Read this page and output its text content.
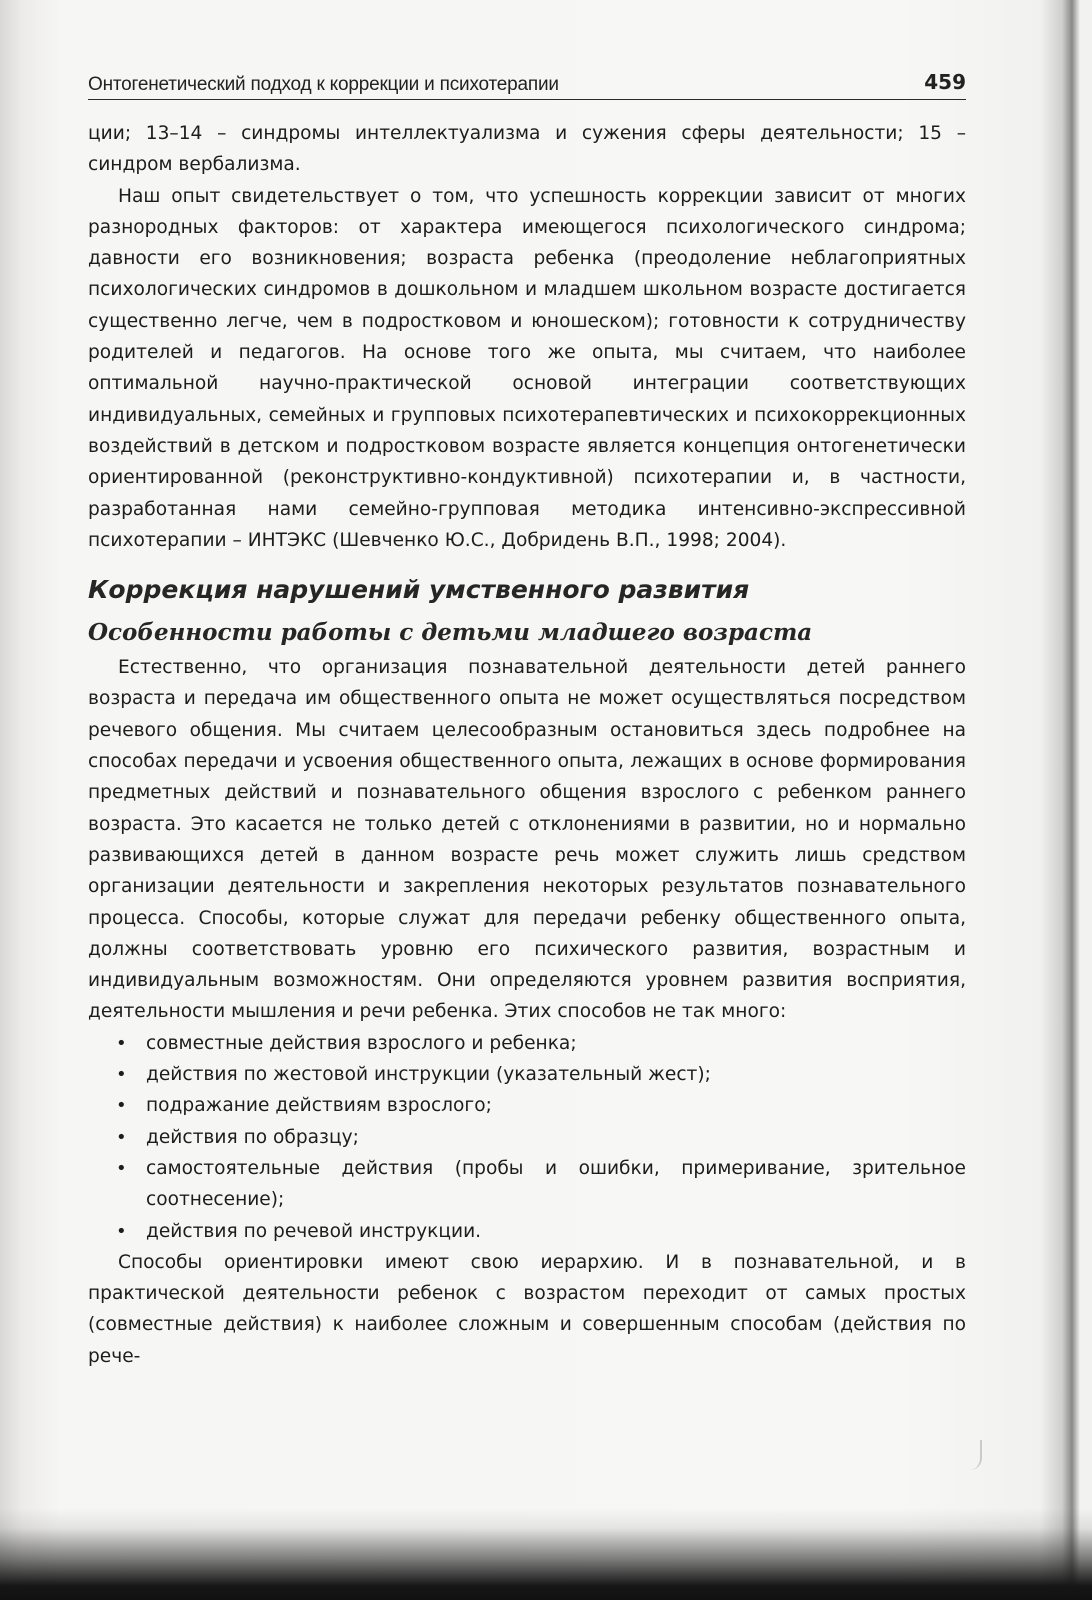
Онтогенетический подход к коррекции и психотерапии	459

ции; 13–14 – синдромы интеллектуализма и сужения сферы деятельности; 15 – синдром вербализма.

Наш опыт свидетельствует о том, что успешность коррекции зависит от многих разнородных факторов: от характера имеющегося психологического синдрома; давности его возникновения; возраста ребенка (преодоление неблагоприятных психологических синдромов в дошкольном и младшем школьном возрасте достигается существенно легче, чем в подростковом и юношеском); готовности к сотрудничеству родителей и педагогов. На основе того же опыта, мы считаем, что наиболее оптимальной научно-практической основой интеграции соответствующих индивидуальных, семейных и групповых психотерапевтических и психокоррекционных воздействий в детском и подростковом возрасте является концепция онтогенетически ориентированной (реконструктивно-кондуктивной) психотерапии и, в частности, разработанная нами семейно-групповая методика интенсивно-экспрессивной психотерапии – ИНТЭКС (Шевченко Ю.С., Добридень В.П., 1998; 2004).

Коррекция нарушений умственного развития
Особенности работы с детьми младшего возраста

Естественно, что организация познавательной деятельности детей раннего возраста и передача им общественного опыта не может осуществляться посредством речевого общения. Мы считаем целесообразным остановиться здесь подробнее на способах передачи и усвоения общественного опыта, лежащих в основе формирования предметных действий и познавательного общения взрослого с ребенком раннего возраста. Это касается не только детей с отклонениями в развитии, но и нормально развивающихся детей в данном возрасте речь может служить лишь средством организации деятельности и закрепления некоторых результатов познавательного процесса. Способы, которые служат для передачи ребенку общественного опыта, должны соответствовать уровню его психического развития, возрастным и индивидуальным возможностям. Они определяются уровнем развития восприятия, деятельности мышления и речи ребенка. Этих способов не так много:

• совместные действия взрослого и ребенка;
• действия по жестовой инструкции (указательный жест);
• подражание действиям взрослого;
• действия по образцу;
• самостоятельные действия (пробы и ошибки, примеривание, зрительное соотнесение);
• действия по речевой инструкции.

Способы ориентировки имеют свою иерархию. И в познавательной, и в практической деятельности ребенок с возрастом переходит от самых простых (совместные действия) к наиболее сложным и совершенным способам (действия по рече-
